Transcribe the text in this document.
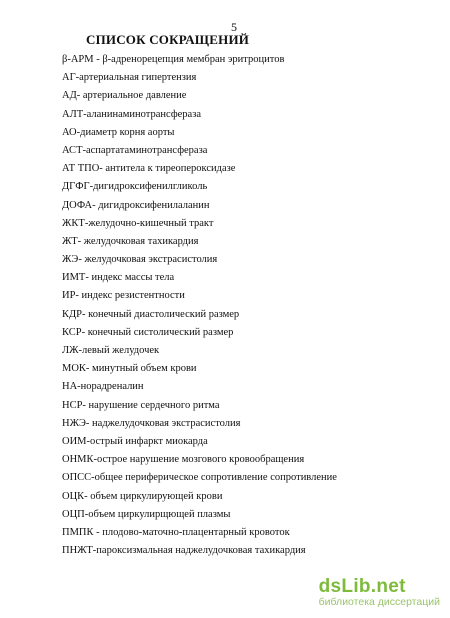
5
СПИСОК СОКРАЩЕНИЙ
β-АРМ - β-адренорецепция мембран эритроцитов
АГ-артериальная гипертензия
АД- артериальное давление
АЛТ-аланинаминотрансфераза
АО-диаметр корня аорты
АСТ-аспартатаминотрансфераза
АТ ТПО- антитела к тиреопероксидазе
ДГФГ-дигидроксифенилгликоль
ДОФА- дигидроксифенилаланин
ЖКТ-желудочно-кишечный тракт
ЖТ- желудочковая тахикардия
ЖЭ- желудочковая экстрасистолия
ИМТ- индекс массы тела
ИР- индекс резистентности
КДР- конечный диастолический размер
КСР- конечный систолический размер
ЛЖ-левый желудочек
МОК- минутный объем крови
НА-норадреналин
НСР- нарушение сердечного ритма
НЖЭ- наджелудочковая экстрасистолия
ОИМ-острый инфаркт миокарда
ОНМК-острое нарушение мозгового кровообращения
ОПСС-общее периферическое сопротивление сопротивление
ОЦК- объем циркулирующей крови
ОЦП-объем циркулирщющей плазмы
ПМПК - плодово-маточно-плацентарный кровоток
ПНЖТ-пароксизмальная наджелудочковая тахикардия
dsLib.net
библиотека диссертаций
